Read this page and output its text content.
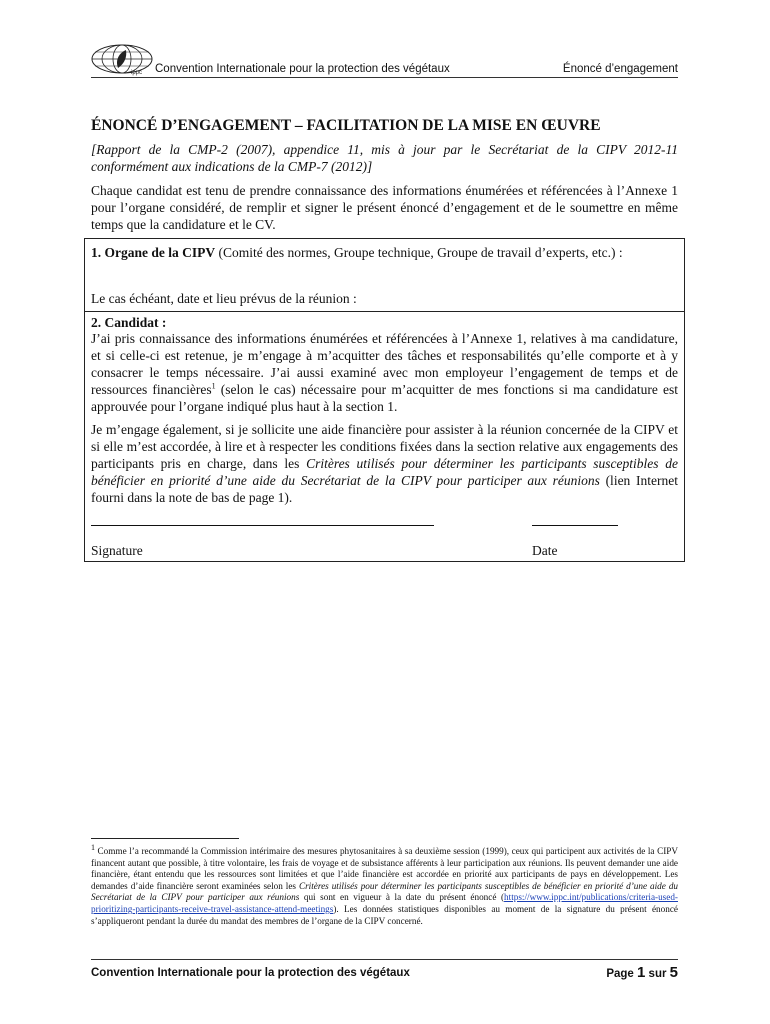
ippc Convention Internationale pour la protection des végétaux	Énoncé d’engagement
ÉNONCÉ D’ENGAGEMENT – FACILITATION DE LA MISE EN ŒUVRE
[Rapport de la CMP-2 (2007), appendice 11, mis à jour par le Secrétariat de la CIPV 2012-11 conformément aux indications de la CMP-7 (2012)]
Chaque candidat est tenu de prendre connaissance des informations énumérées et référencées à l’Annexe 1 pour l’organe considéré, de remplir et signer le présent énoncé d’engagement et de le soumettre en même temps que la candidature et le CV.
1. Organe de la CIPV (Comité des normes, Groupe technique, Groupe de travail d’experts, etc.) :
Le cas échéant, date et lieu prévus de la réunion :
2. Candidat :
J’ai pris connaissance des informations énumérées et référencées à l’Annexe 1, relatives à ma candidature, et si celle-ci est retenue, je m’engage à m’acquitter des tâches et responsabilités qu’elle comporte et à y consacrer le temps nécessaire. J’ai aussi examiné avec mon employeur l’engagement de temps et de ressources financières$^1$ (selon le cas) nécessaire pour m’acquitter de mes fonctions si ma candidature est approuvée pour l’organe indiqué plus haut à la section 1.
Je m’engage également, si je sollicite une aide financière pour assister à la réunion concernée de la CIPV et si elle m’est accordée, à lire et à respecter les conditions fixées dans la section relative aux engagements des participants pris en charge, dans les Critères utilisés pour déterminer les participants susceptibles de bénéficier en priorité d’une aide du Secrétariat de la CIPV pour participer aux réunions (lien Internet fourni dans la note de bas de page 1).
Signature	Date
$^1$ Comme l’a recommandé la Commission intérimaire des mesures phytosanitaires à sa deuxième session (1999), ceux qui participent aux activités de la CIPV financent autant que possible, à titre volontaire, les frais de voyage et de subsistance afférents à leur participation aux réunions. Ils peuvent demander une aide financière, étant entendu que les ressources sont limitées et que l’aide financière est accordée en priorité aux participants de pays en développement. Les demandes d’aide financière seront examinées selon les Critères utilisés pour déterminer les participants susceptibles de bénéficier en priorité d’une aide du Secrétariat de la CIPV pour participer aux réunions qui sont en vigueur à la date du présent énoncé (https://www.ippc.int/publications/criteria-used-prioritizing-participants-receive-travel-assistance-attend-meetings). Les données statistiques disponibles au moment de la signature du présent énoncé s’appliqueront pendant la durée du mandat des membres de l’organe de la CIPV concerné.
Convention Internationale pour la protection des végétaux	Page 1 sur 5
